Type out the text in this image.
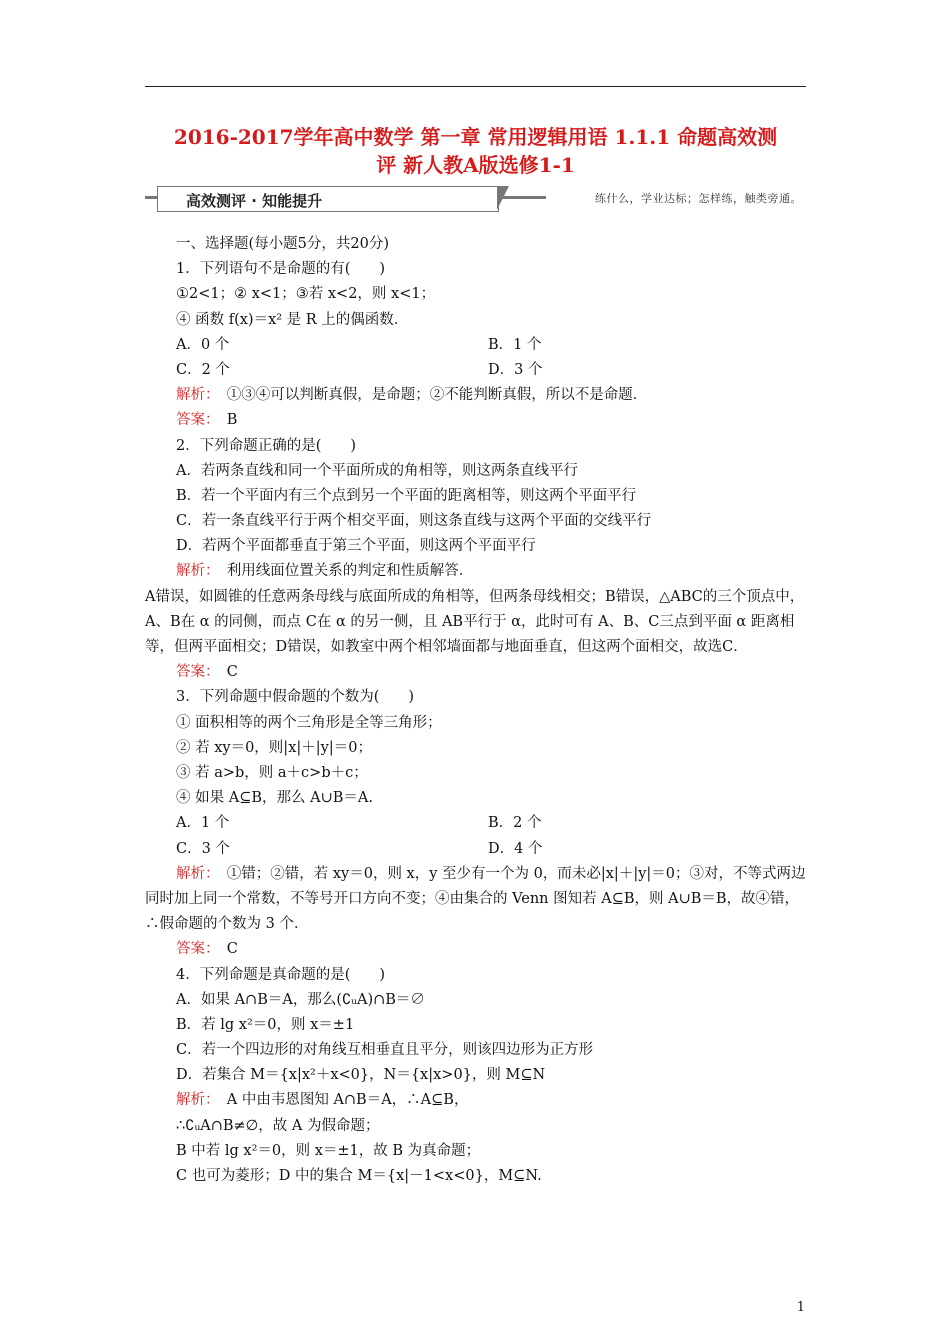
2016-2017学年高中数学 第一章 常用逻辑用语 1.1.1 命题高效测
评 新人教A版选修1-1
高效测评 · 知能提升	练什么，学业达标；怎样练，触类旁通。
一、选择题(每小题5分，共20分)
1．下列语句不是命题的有(　　)
①2<1；② x<1；③若 x<2，则 x<1；
④ 函数 f(x)＝x² 是 R 上的偶函数．
A．0 个	B．1 个
C．2 个	D．3 个
解析：　 ①③④可以判断真假，是命题；②不能判断真假，所以不是命题．
答案：　 B
2．下列命题正确的是(　　)
A．若两条直线和同一个平面所成的角相等，则这两条直线平行
B．若一个平面内有三个点到另一个平面的距离相等，则这两个平面平行
C．若一条直线平行于两个相交平面，则这条直线与这两个平面的交线平行
D．若两个平面都垂直于第三个平面，则这两个平面平行
解析：　 利用线面位置关系的判定和性质解答．
A错误，如圆锥的任意两条母线与底面所成的角相等，但两条母线相交；B错误，△ABC的三个顶点中，A、B在 α 的同侧，而点 C在 α 的另一侧，且 AB平行于 α，此时可有 A、B、C三点到平面 α 距离相等，但两平面相交；D错误，如教室中两个相邻墙面都与地面垂直，但这两个面相交，故选C．
答案：　 C
3．下列命题中假命题的个数为(　　)
① 面积相等的两个三角形是全等三角形；
② 若 xy＝0，则|x|＋|y|＝0；
③ 若 a>b，则 a＋c>b＋c；
④ 如果 A⊆B，那么 A∪B＝A.
A．1 个	B．2 个
C．3 个	D．4 个
解析：　 ①错；②错，若 xy＝0，则 x，y 至少有一个为 0，而未必|x|＋|y|＝0；③对，不等式两边同时加上同一个常数，不等号开口方向不变；④由集合的 Venn 图知若 A⊆B，则 A∪B＝B，故④错，∴假命题的个数为 3 个．
答案：　 C
4．下列命题是真命题的是(　　)
A．如果 A∩B＝A，那么(∁ᵤA)∩B＝∅
B．若 lg x²＝0，则 x＝±1
C．若一个四边形的对角线互相垂直且平分，则该四边形为正方形
D．若集合 M＝{x|x²＋x<0}，N＝{x|x>0}，则 M⊆N
解析：　 A 中由韦恩图知 A∩B＝A，∴A⊆B，
∴∁ᵤA∩B≠∅，故 A 为假命题；
B 中若 lg x²＝0，则 x＝±1，故 B 为真命题；
C 也可为菱形；D 中的集合 M＝{x|－1<x<0}，M⊆N.
1
